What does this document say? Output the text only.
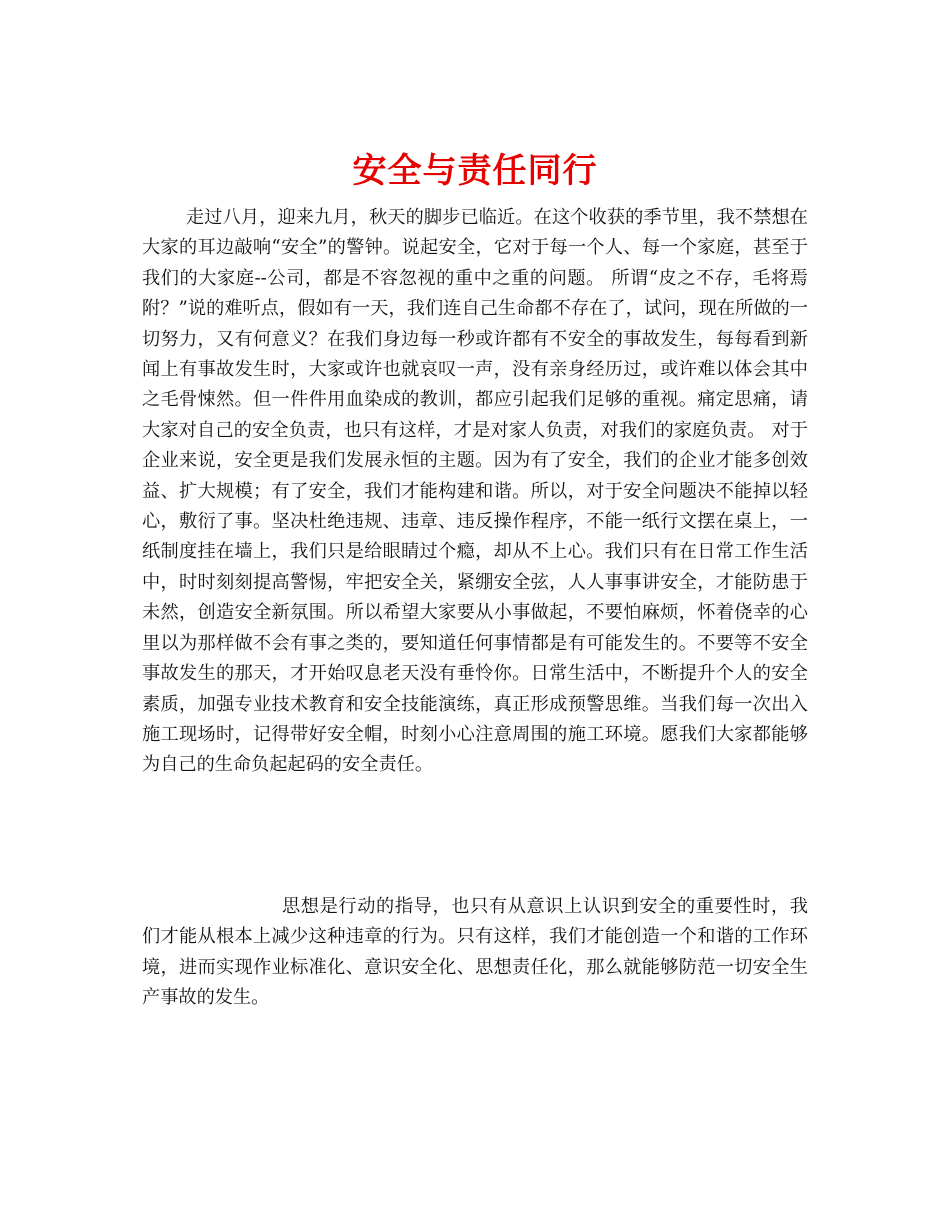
安全与责任同行

走过八月，迎来九月，秋天的脚步已临近。在这个收获的季节里，我不禁想在大家的耳边敲响“安全”的警钟。说起安全，它对于每一个人、每一个家庭，甚至于我们的大家庭--公司，都是不容忽视的重中之重的问题。 所谓“皮之不存，毛将焉附？”说的难听点，假如有一天，我们连自己生命都不存在了，试问，现在所做的一切努力，又有何意义？在我们身边每一秒或许都有不安全的事故发生，每每看到新闻上有事故发生时，大家或许也就哀叹一声，没有亲身经历过，或许难以体会其中之毛骨悚然。但一件件用血染成的教训，都应引起我们足够的重视。痛定思痛，请大家对自己的安全负责，也只有这样，才是对家人负责，对我们的家庭负责。 对于企业来说，安全更是我们发展永恒的主题。因为有了安全，我们的企业才能多创效益、扩大规模；有了安全，我们才能构建和谐。所以，对于安全问题决不能掉以轻心，敷衍了事。坚决杜绝违规、违章、违反操作程序，不能一纸行文摆在桌上，一纸制度挂在墙上，我们只是给眼睛过个瘾，却从不上心。我们只有在日常工作生活中，时时刻刻提高警惕，牢把安全关，紧绷安全弦，人人事事讲安全，才能防患于未然，创造安全新氛围。所以希望大家要从小事做起，不要怕麻烦，怀着侥幸的心里以为那样做不会有事之类的，要知道任何事情都是有可能发生的。不要等不安全事故发生的那天，才开始叹息老天没有垂怜你。日常生活中，不断提升个人的安全素质，加强专业技术教育和安全技能演练，真正形成预警思维。当我们每一次出入施工现场时，记得带好安全帽，时刻小心注意周围的施工环境。愿我们大家都能够为自己的生命负起起码的安全责任。

思想是行动的指导，也只有从意识上认识到安全的重要性时，我们才能从根本上减少这种违章的行为。只有这样，我们才能创造一个和谐的工作环境，进而实现作业标准化、意识安全化、思想责任化，那么就能够防范一切安全生产事故的发生。
